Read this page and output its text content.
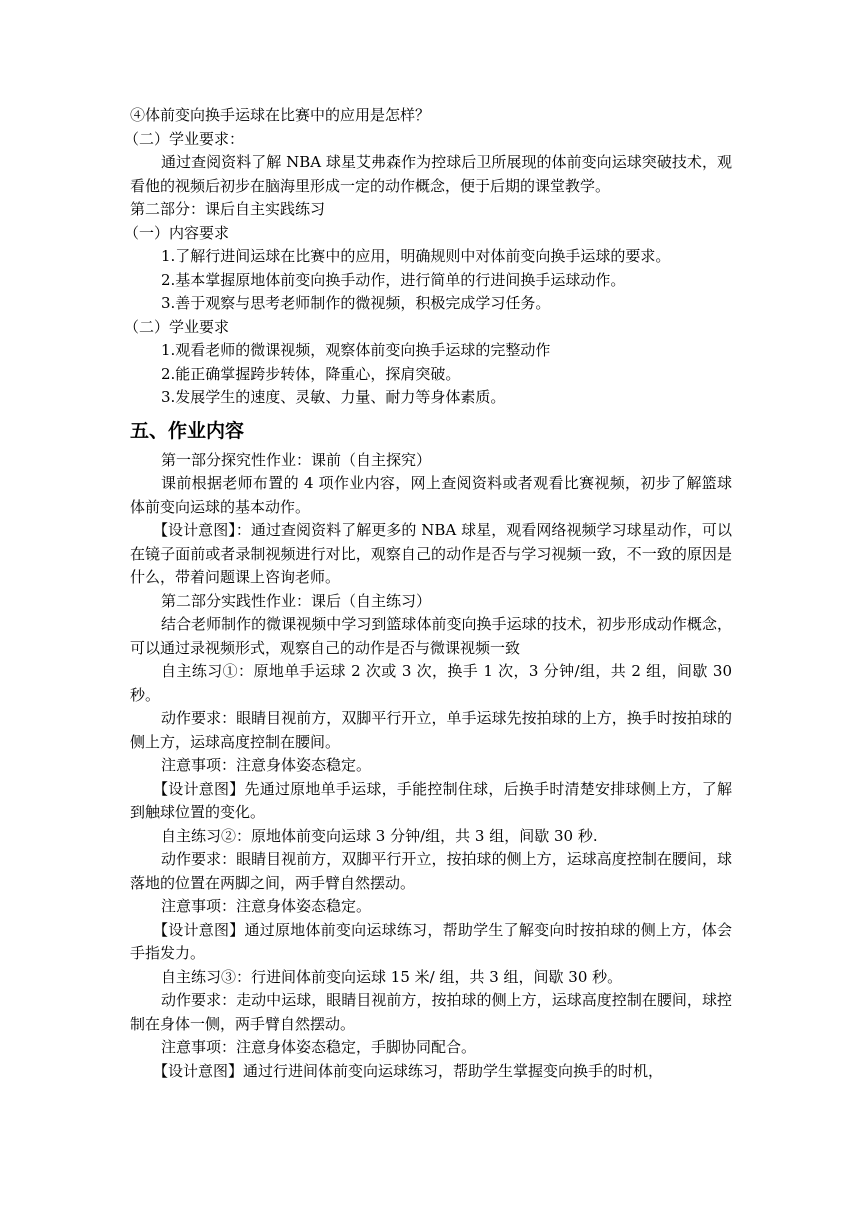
④体前变向换手运球在比赛中的应用是怎样？

（二）学业要求：

通过查阅资料了解 NBA 球星艾弗森作为控球后卫所展现的体前变向运球突破技术，观看他的视频后初步在脑海里形成一定的动作概念，便于后期的课堂教学。

第二部分：课后自主实践练习

（一）内容要求

1.了解行进间运球在比赛中的应用，明确规则中对体前变向换手运球的要求。

2.基本掌握原地体前变向换手动作，进行简单的行进间换手运球动作。

3.善于观察与思考老师制作的微视频，积极完成学习任务。

（二）学业要求

1.观看老师的微课视频，观察体前变向换手运球的完整动作

2.能正确掌握跨步转体，降重心，探肩突破。

3.发展学生的速度、灵敏、力量、耐力等身体素质。

五、作业内容

第一部分探究性作业：课前（自主探究）

课前根据老师布置的 4 项作业内容，网上查阅资料或者观看比赛视频，初步了解篮球体前变向运球的基本动作。

【设计意图】：通过查阅资料了解更多的 NBA 球星，观看网络视频学习球星动作，可以在镜子面前或者录制视频进行对比，观察自己的动作是否与学习视频一致，不一致的原因是什么，带着问题课上咨询老师。

第二部分实践性作业：课后（自主练习）

结合老师制作的微课视频中学习到篮球体前变向换手运球的技术，初步形成动作概念，可以通过录视频形式，观察自己的动作是否与微课视频一致

自主练习①：原地单手运球 2 次或 3 次，换手 1 次，3 分钟/组，共 2 组，间歇 30 秒。

动作要求：眼睛目视前方，双脚平行开立，单手运球先按拍球的上方，换手时按拍球的侧上方，运球高度控制在腰间。

注意事项：注意身体姿态稳定。

【设计意图】先通过原地单手运球，手能控制住球，后换手时清楚安排球侧上方，了解到触球位置的变化。

自主练习②：原地体前变向运球 3 分钟/组，共 3 组，间歇 30 秒.

动作要求：眼睛目视前方，双脚平行开立，按拍球的侧上方，运球高度控制在腰间，球落地的位置在两脚之间，两手臂自然摆动。

注意事项：注意身体姿态稳定。

【设计意图】通过原地体前变向运球练习，帮助学生了解变向时按拍球的侧上方，体会手指发力。

自主练习③：行进间体前变向运球 15 米/ 组，共 3 组，间歇 30 秒。

动作要求：走动中运球，眼睛目视前方，按拍球的侧上方，运球高度控制在腰间，球控制在身体一侧，两手臂自然摆动。

注意事项：注意身体姿态稳定，手脚协同配合。

【设计意图】通过行进间体前变向运球练习，帮助学生掌握变向换手的时机，
